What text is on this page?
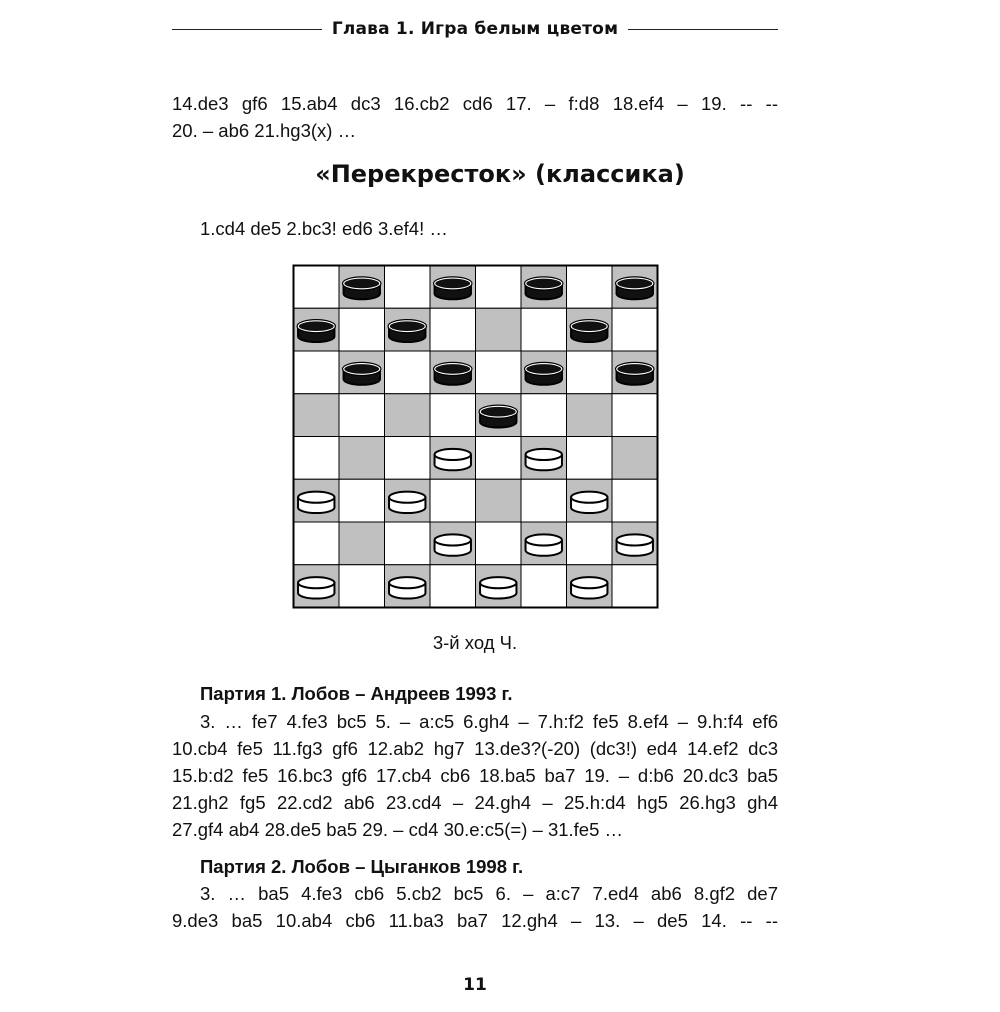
Глава 1. Игра белым цветом
14.de3 gf6 15.ab4 dc3 16.cb2 cd6 17. – f:d8 18.ef4 – 19. -- --
20. – ab6 21.hg3(x) …
«Перекресток» (классика)
1.cd4 de5 2.bc3! ed6 3.ef4! …
3-й ход Ч.
Партия 1. Лобов – Андреев 1993 г.
3. … fe7 4.fe3 bc5 5. – a:c5 6.gh4 – 7.h:f2 fe5 8.ef4 – 9.h:f4 ef6
10.cb4 fe5 11.fg3 gf6 12.ab2 hg7 13.de3?(-20) (dc3!) ed4 14.ef2 dc3
15.b:d2 fe5 16.bc3 gf6 17.cb4 cb6 18.ba5 ba7 19. – d:b6 20.dc3 ba5
21.gh2 fg5 22.cd2 ab6 23.cd4 – 24.gh4 – 25.h:d4 hg5 26.hg3 gh4
27.gf4 ab4 28.de5 ba5 29. – cd4 30.e:c5(=) – 31.fe5 …
Партия 2. Лобов – Цыганков 1998 г.
3. … ba5 4.fe3 cb6 5.cb2 bc5 6. – a:c7 7.ed4 ab6 8.gf2 de7
9.de3 ba5 10.ab4 cb6 11.ba3 ba7 12.gh4 – 13. – de5 14. -- --
11
